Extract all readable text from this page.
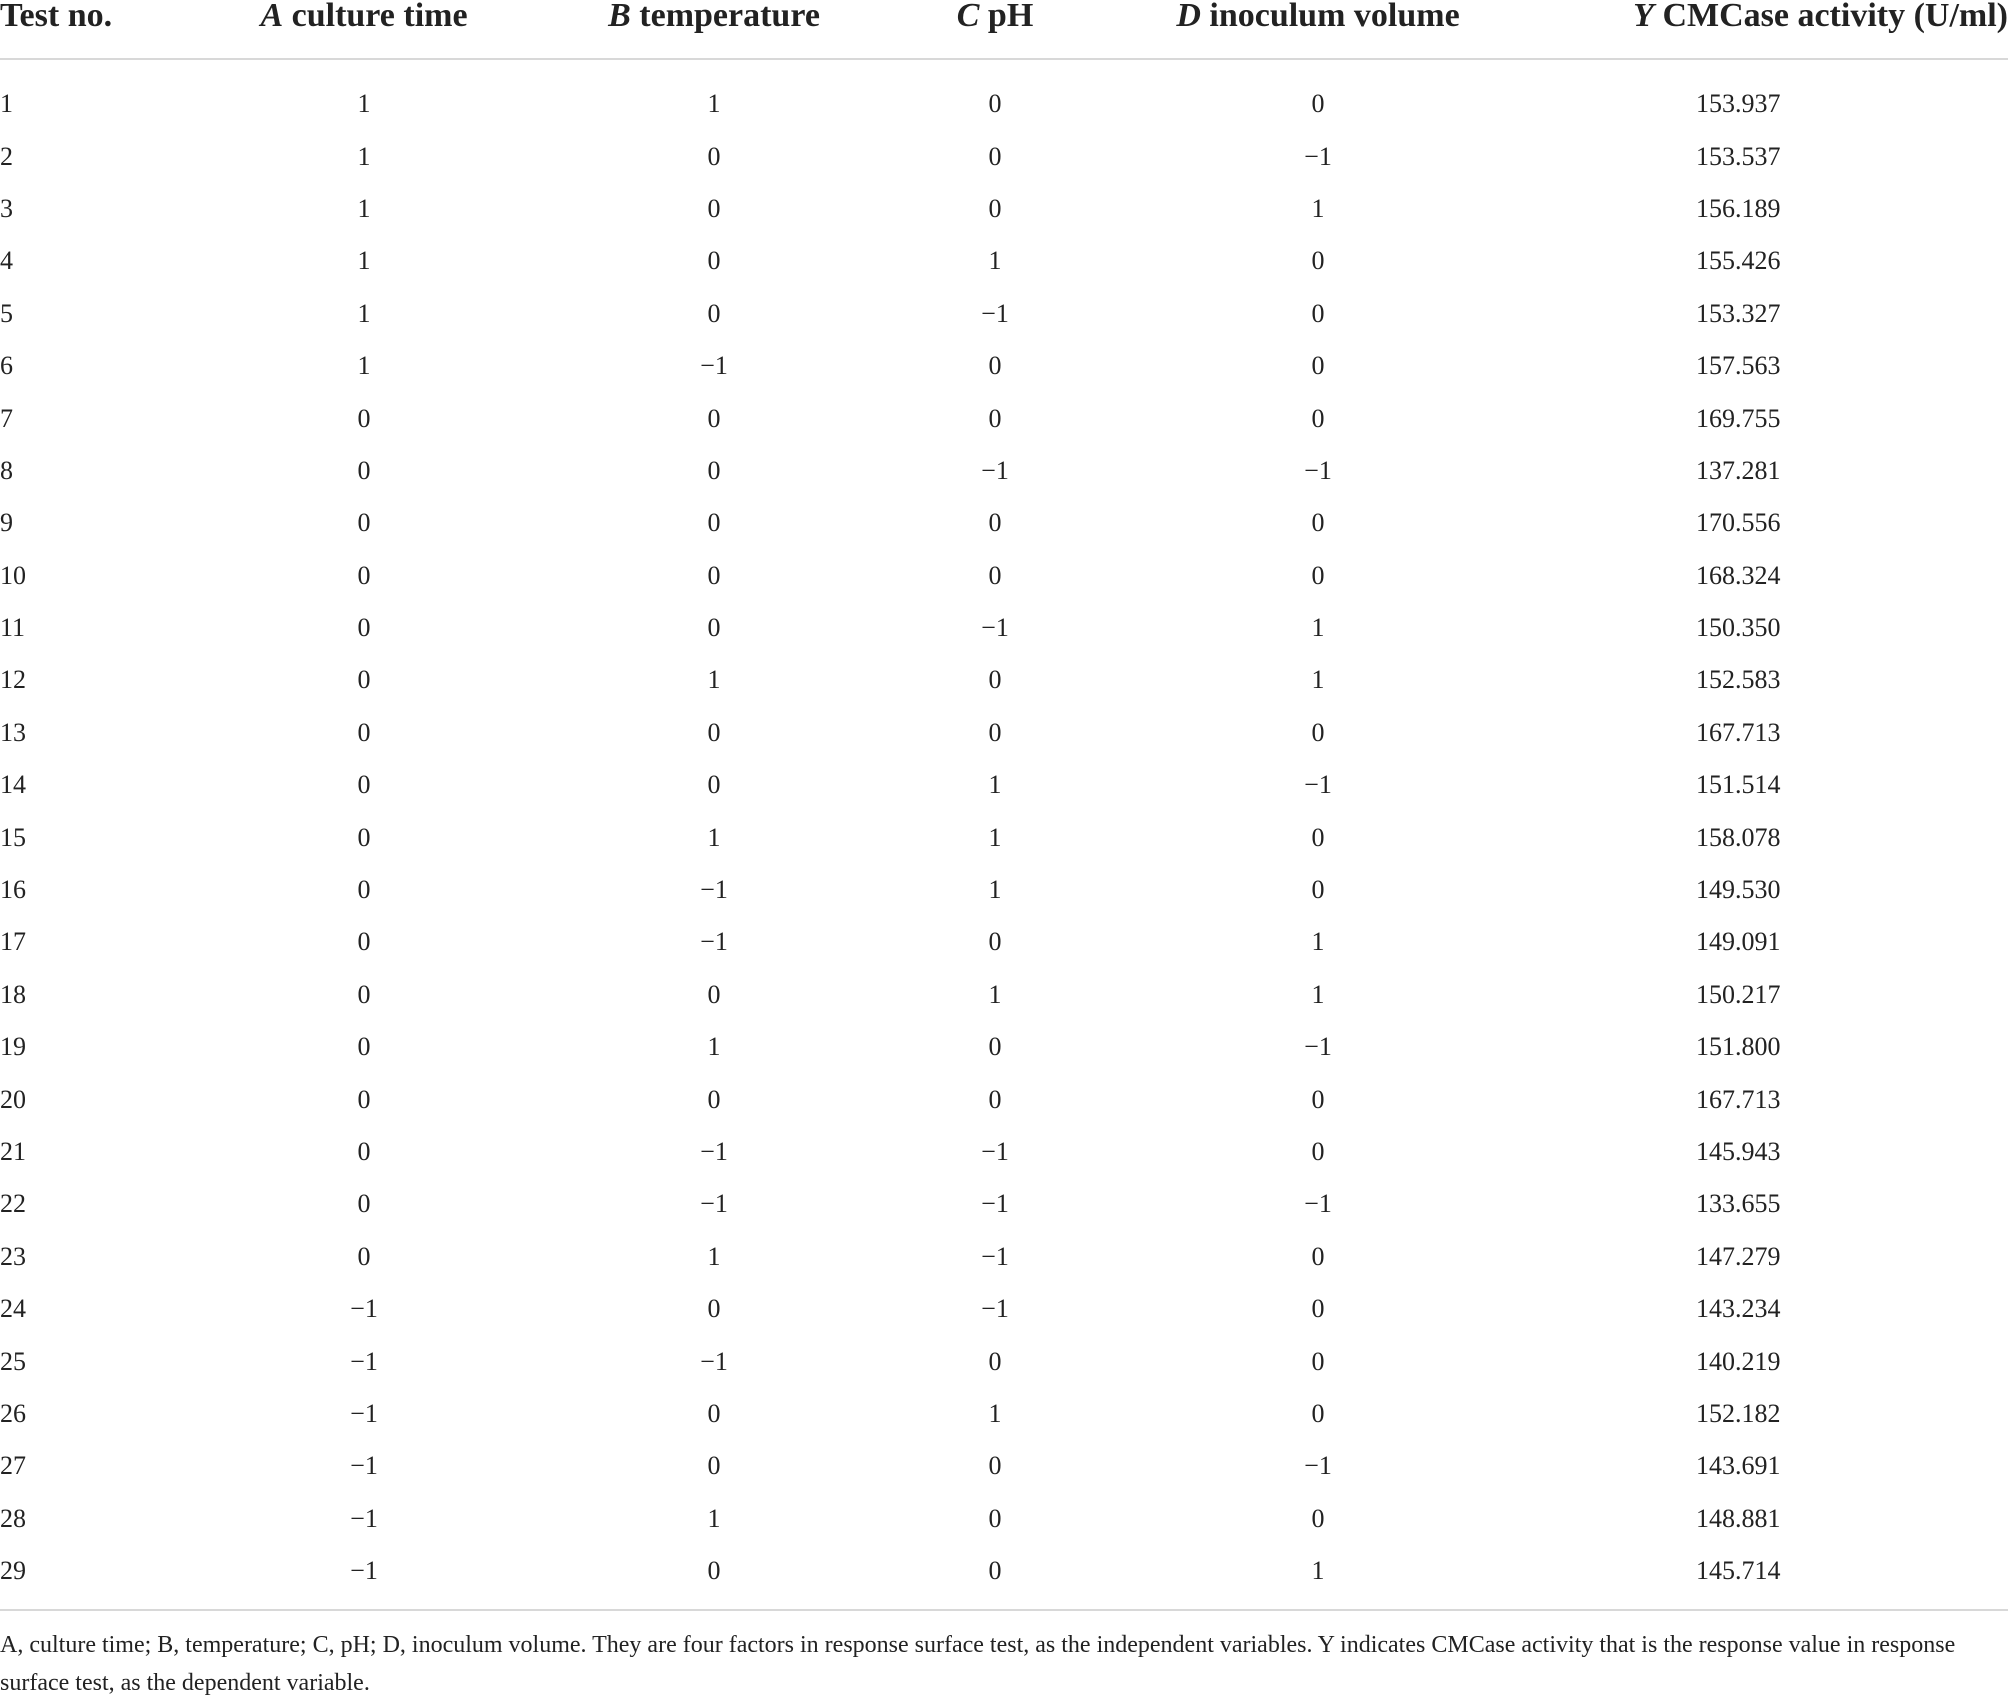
Test no.	A culture time	B temperature	C pH	D inoculum volume	Y CMCase activity (U/ml)

1	1	1	0	0	153.937
2	1	0	0	−1	153.537
3	1	0	0	1	156.189
4	1	0	1	0	155.426
5	1	0	−1	0	153.327
6	1	−1	0	0	157.563
7	0	0	0	0	169.755
8	0	0	−1	−1	137.281
9	0	0	0	0	170.556
10	0	0	0	0	168.324
11	0	0	−1	1	150.350
12	0	1	0	1	152.583
13	0	0	0	0	167.713
14	0	0	1	−1	151.514
15	0	1	1	0	158.078
16	0	−1	1	0	149.530
17	0	−1	0	1	149.091
18	0	0	1	1	150.217
19	0	1	0	−1	151.800
20	0	0	0	0	167.713
21	0	−1	−1	0	145.943
22	0	−1	−1	−1	133.655
23	0	1	−1	0	147.279
24	−1	0	−1	0	143.234
25	−1	−1	0	0	140.219
26	−1	0	1	0	152.182
27	−1	0	0	−1	143.691
28	−1	1	0	0	148.881
29	−1	0	0	1	145.714
A, culture time; B, temperature; C, pH; D, inoculum volume. They are four factors in response surface test, as the independent variables. Y indicates CMCase activity that is the response value in response surface test, as the dependent variable.
